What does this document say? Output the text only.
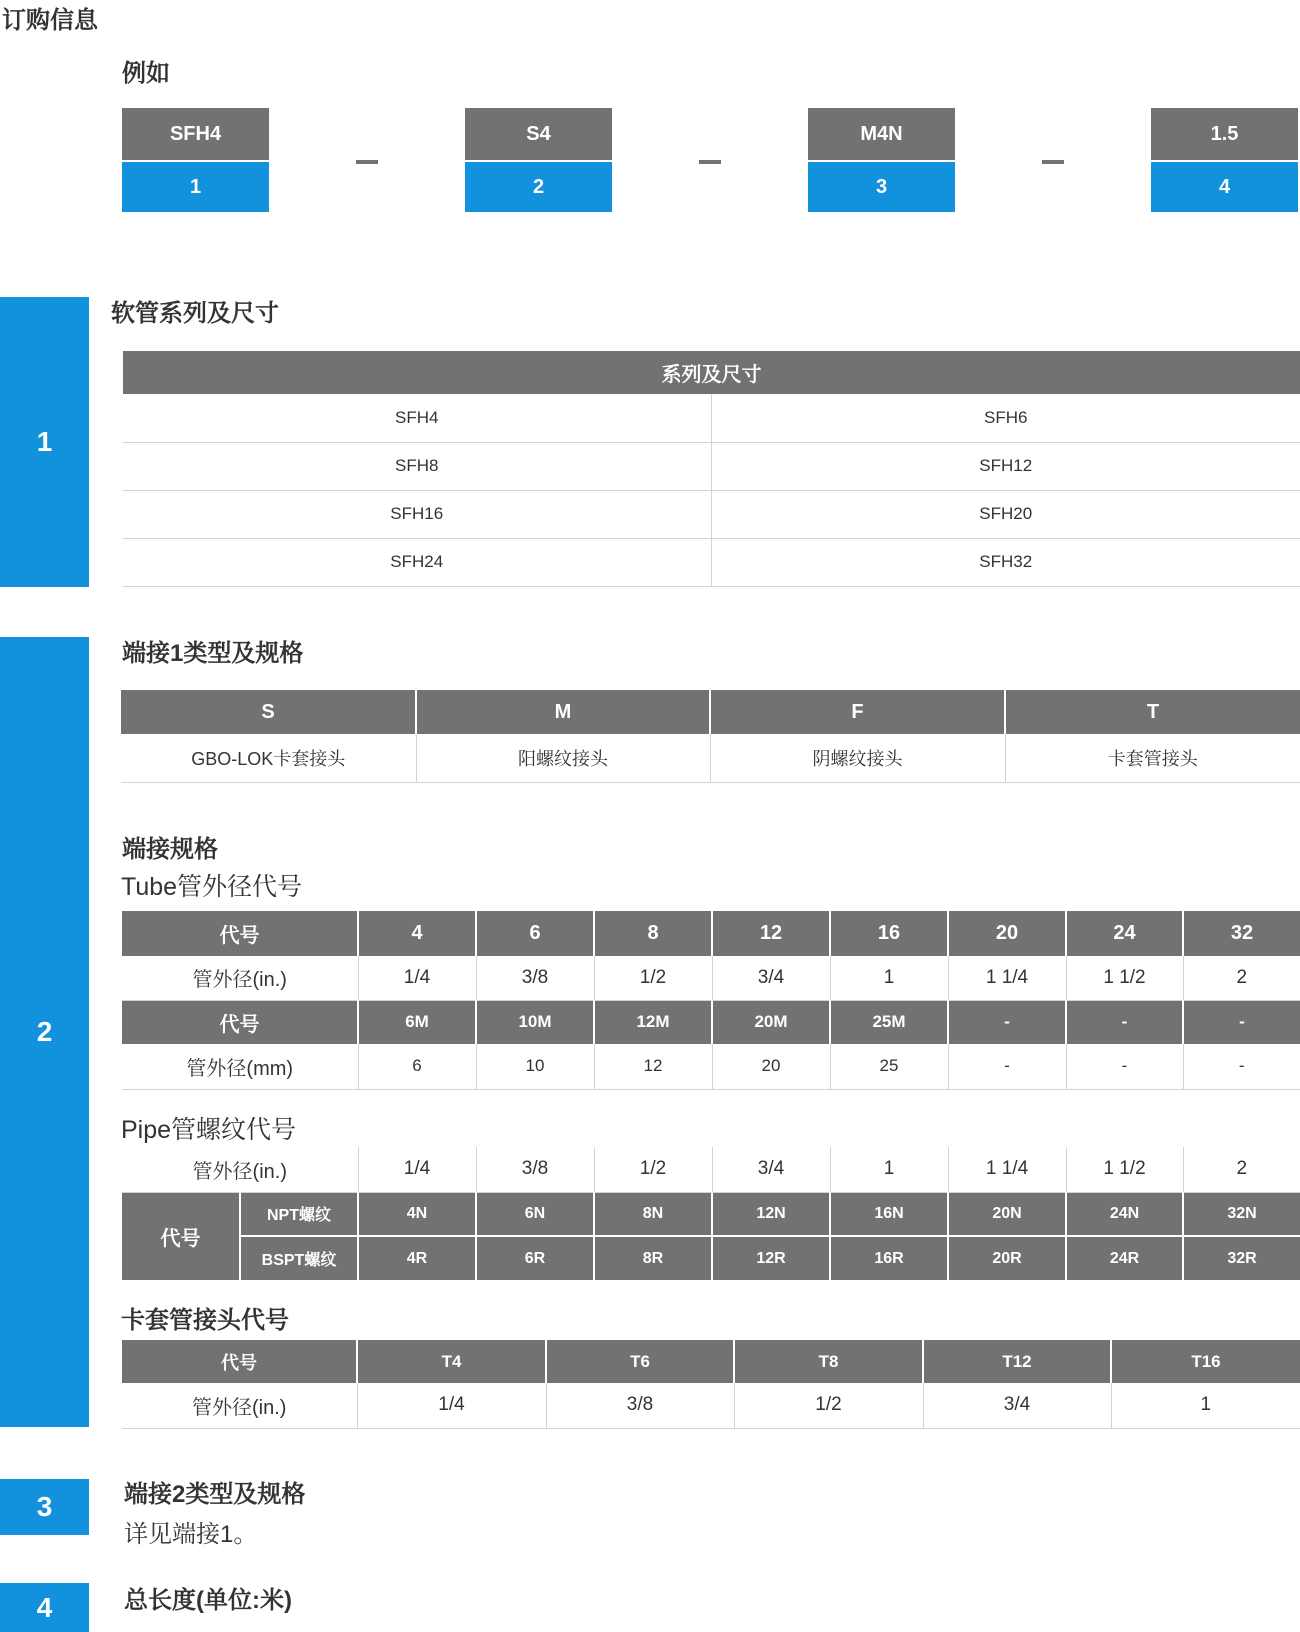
订购信息
例如
SFH4
1
S4
2
M4N
3
1.5
4
1
软管系列及尺寸
系列及尺寸	
SFH4	SFH6
SFH8	SFH12
SFH16	SFH20
SFH24	SFH32
2
端接1类型及规格
S	M	F	T
GBO-LOK卡套接头	阳螺纹接头	阴螺纹接头	卡套管接头
端接规格
Tube管外径代号
代号	4	6	8	12	16	20	24	32
管外径(in.)	1/4	3/8	1/2	3/4	1	1 1/4	1 1/2	2
代号	6M	10M	12M	20M	25M	-	-	-
管外径(mm)	6	10	12	20	25	-	-	-
Pipe管螺纹代号
管外径(in.)		1/4	3/8	1/2	3/4	1	1 1/4	1 1/2	2
代号	NPT螺纹	4N	6N	8N	12N	16N	20N	24N	32N
	BSPT螺纹	4R	6R	8R	12R	16R	20R	24R	32R
卡套管接头代号
代号	T4	T6	T8	T12	T16
管外径(in.)	1/4	3/8	1/2	3/4	1
3	端接2类型及规格
详见端接1。
4	总长度(单位:米)
